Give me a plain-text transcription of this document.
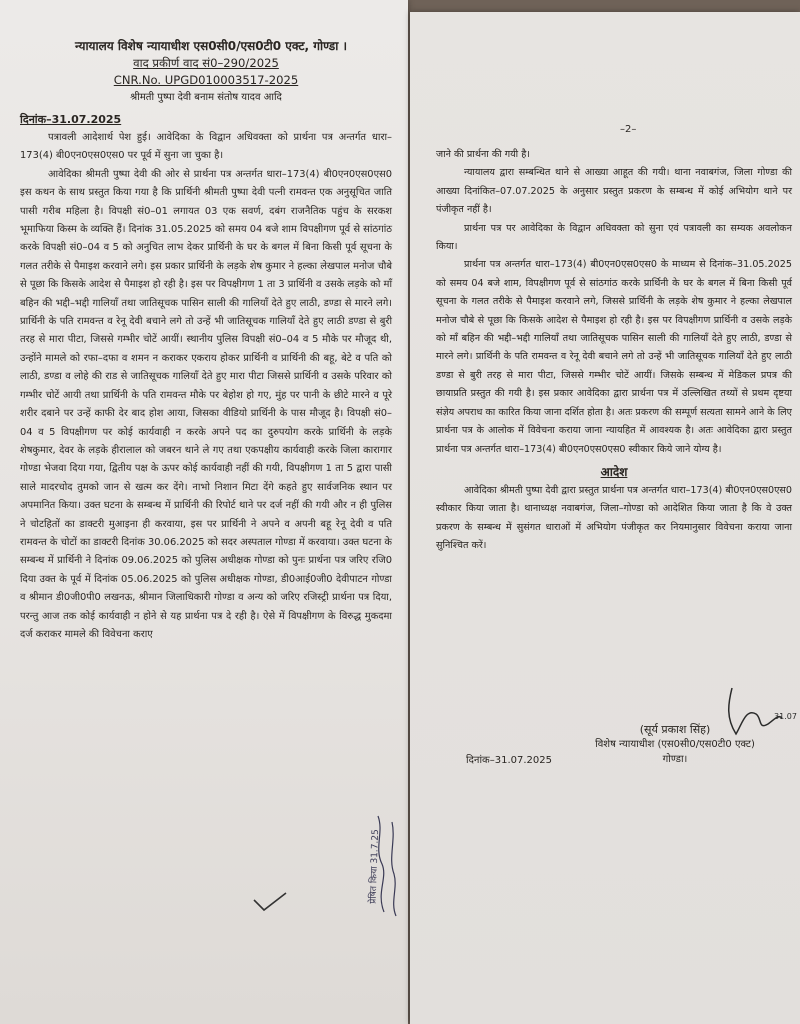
न्यायालय विशेष न्यायाधीश एस0सी0/एस0टी0 एक्ट, गोण्डा ।
वाद प्रकीर्ण वाद सं0–290/2025
CNR.No. UPGD010003517-2025
श्रीमती पुष्पा देवी बनाम संतोष यादव आदि
दिनांक–31.07.2025

पत्रावली आदेशार्थ पेश हुई। आवेदिका के विद्वान अधिवक्ता को प्रार्थना पत्र अन्तर्गत धारा–173(4) बी0एन0एस0एस0 पर पूर्व में सुना जा चुका है।

आवेदिका श्रीमती पुष्पा देवी की ओर से प्रार्थना पत्र अन्तर्गत धारा–173(4) बी0एन0एस0एस0 इस कथन के साथ प्रस्तुत किया गया है कि प्रार्थिनी श्रीमती पुष्पा देवी पत्नी रामवन्त एक अनुसूचित जाति पासी गरीब महिला है। विपक्षी सं0–01 लगायत 03 एक सवर्ण, दबंग राजनैतिक पहुंच के सरकश भूमाफिया किस्म के व्यक्ति हैं। दिनांक 31.05.2025 को समय 04 बजे शाम विपक्षीगण पूर्व से सांठगांठ करके विपक्षी सं0–04 व 5 को अनुचित लाभ देकर प्रार्थिनी के घर के बगल में बिना किसी पूर्व सूचना के गलत तरीके से पैमाइश करवाने लगे। इस प्रकार प्रार्थिनी के लड़के शेष कुमार ने हल्का लेखपाल मनोज चौबे से पूछा कि किसके आदेश से पैमाइश हो रही है। इस पर विपक्षीगण 1 ता 3 प्रार्थिनी व उसके लड़के को माँ बहिन की भद्दी–भद्दी गालियाँ तथा जातिसूचक पासिन साली की गालियाँ देते हुए लाठी, डण्डा से मारने लगे। प्रार्थिनी के पति रामवन्त व रेनू देवी बचाने लगे तो उन्हें भी जातिसूचक गालियाँ देते हुए लाठी डण्डा से बुरी तरह से मारा पीटा, जिससे गम्भीर चोटें आयीं। स्थानीय पुलिस विपक्षी सं0–04 व 5 मौके पर मौजूद थी, उन्होंने मामले को रफा–दफा व शमन न कराकर एकराय होकर प्रार्थिनी व प्रार्थिनी की बहू, बेटे व पति को लाठी, डण्डा व लोहे की राड से जातिसूचक गालियाँ देते हुए मारा पीटा जिससे प्रार्थिनी व उसके परिवार को गम्भीर चोटें आयी तथा प्रार्थिनी के पति रामवन्त मौके पर बेहोश हो गए, मुंह पर पानी के छीटे मारने व पूरे शरीर दबाने पर उन्हें काफी देर बाद होश आया, जिसका वीडियो प्रार्थिनी के पास मौजूद है। विपक्षी सं0–04 व 5 विपक्षीगण पर कोई कार्यवाही न करके अपने पद का दुरुपयोग करके प्रार्थिनी के लड़के शेषकुमार, देवर के लड़के हीरालाल को जबरन थाने ले गए तथा एकपक्षीय कार्यवाही करके जिला कारागार गोण्डा भेजवा दिया गया, द्वितीय पक्ष के ऊपर कोई कार्यवाही नहीं की गयी, विपक्षीगण 1 ता 5 द्वारा पासी साले मादरचोद तुमको जान से खत्म कर देंगे। नाभो निशान मिटा देंगे कहते हुए सार्वजनिक स्थान पर अपमानित किया। उक्त घटना के सम्बन्ध में प्रार्थिनी की रिपोर्ट थाने पर दर्ज नहीं की गयी और न ही पुलिस ने चोटहितों का डाक्टरी मुआइना ही करवाया, इस पर प्रार्थिनी ने अपने व अपनी बहू रेनू देवी व पति रामवन्त के चोटों का डाक्टरी दिनांक 30.06.2025 को सदर अस्पताल गोण्डा में करवाया। उक्त घटना के सम्बन्ध में प्रार्थिनी ने दिनांक 09.06.2025 को पुलिस अधीक्षक गोण्डा को पुनः प्रार्थना पत्र जरिए रजि0 दिया उक्त के पूर्व में दिनांक 05.06.2025 को पुलिस अधीक्षक गोण्डा, डी0आई0जी0 देवीपाटन गोण्डा व श्रीमान डी0जी0पी0 लखनऊ, श्रीमान जिलाधिकारी गोण्डा व अन्य को जरिए रजिस्ट्री प्रार्थना पत्र दिया, परन्तु आज तक कोई कार्यवाही न होने से यह प्रार्थना पत्र दे रही है। ऐसे में विपक्षीगण के विरुद्ध मुकदमा दर्ज कराकर मामले की विवेचना कराए

प्रेषित किया 31.7.25
–2–

जाने की प्रार्थना की गयी है।

न्यायालय द्वारा सम्बन्धित थाने से आख्या आहूत की गयी। थाना नवाबगंज, जिला गोण्डा की आख्या दिनांकित–07.07.2025 के अनुसार प्रस्तुत प्रकरण के सम्बन्ध में कोई अभियोग थाने पर पंजीकृत नहीं है।

प्रार्थना पत्र पर आवेदिका के विद्वान अधिवक्ता को सुना एवं पत्रावली का सम्यक अवलोकन किया।

प्रार्थना पत्र अन्तर्गत धारा–173(4) बी0एन0एस0एस0 के माध्यम से दिनांक–31.05.2025 को समय 04 बजे शाम, विपक्षीगण पूर्व से सांठगांठ करके प्रार्थिनी के घर के बगल में बिना किसी पूर्व सूचना के गलत तरीके से पैमाइश करवाने लगे, जिससे प्रार्थिनी के लड़के शेष कुमार ने हल्का लेखपाल मनोज चौबे से पूछा कि किसके आदेश से पैमाइश हो रही है। इस पर विपक्षीगण प्रार्थिनी व उसके लड़के को माँ बहिन की भद्दी–भद्दी गालियाँ तथा जातिसूचक पासिन साली की गालियाँ देते हुए लाठी, डण्डा से मारने लगे। प्रार्थिनी के पति रामवन्त व रेनू देवी बचाने लगे तो उन्हें भी जातिसूचक गालियाँ देते हुए लाठी डण्डा से बुरी तरह से मारा पीटा, जिससे गम्भीर चोटें आयीं। जिसके सम्बन्ध में मेडिकल प्रपत्र की छायाप्रति प्रस्तुत की गयी है। इस प्रकार आवेदिका द्वारा प्रार्थना पत्र में उल्लिखित तथ्यों से प्रथम दृष्टया संज्ञेय अपराध का कारित किया जाना दर्शित होता है। अतः प्रकरण की सम्पूर्ण सत्यता सामने आने के लिए प्रार्थना पत्र के आलोक में विवेचना कराया जाना न्यायहित में आवश्यक है। अतः आवेदिका द्वारा प्रस्तुत प्रार्थना पत्र अन्तर्गत धारा–173(4) बी0एन0एस0एस0 स्वीकार किये जाने योग्य है।

आदेश

आवेदिका श्रीमती पुष्पा देवी द्वारा प्रस्तुत प्रार्थना पत्र अन्तर्गत धारा–173(4) बी0एन0एस0एस0 स्वीकार किया जाता है। थानाध्यक्ष नवाबगंज, जिला–गोण्डा को आदेशित किया जाता है कि वे उक्त प्रकरण के सम्बन्ध में सुसंगत धाराओं में अभियोग पंजीकृत कर नियमानुसार विवेचना कराया जाना सुनिश्चित करें।

दिनांक–31.07.2025
(सूर्य प्रकाश सिंह)
विशेष न्यायाधीश (एस0सी0/एस0टी0 एक्ट)
गोण्डा।
31.07
